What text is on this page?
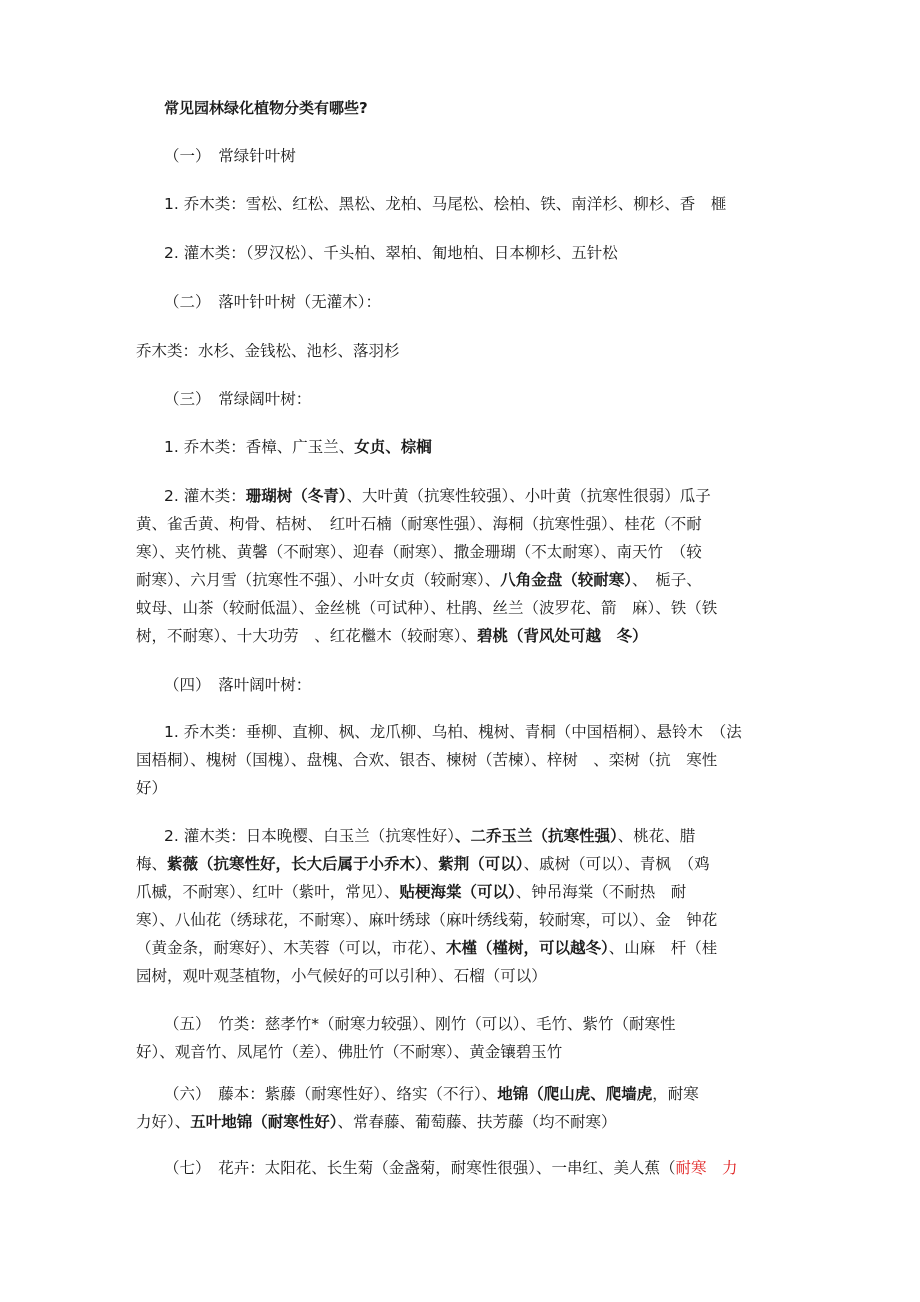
常见园林绿化植物分类有哪些?
（一）　常绿针叶树
1. 乔木类：雪松、红松、黑松、龙柏、马尾松、桧柏、铁、南洋杉、柳杉、香　榧
2. 灌木类：（罗汉松）、千头柏、翠柏、匍地柏、日本柳杉、五针松
（二）　落叶针叶树（无灌木）：
乔木类：水杉、金钱松、池杉、落羽杉
（三）　常绿阔叶树：
1. 乔木类：香樟、广玉兰、女贞、棕榈
2. 灌木类：珊瑚树（冬青）、大叶黄（抗寒性较强）、小叶黄（抗寒性很弱）瓜子
黄、雀舌黄、枸骨、桔树、　红叶石楠（耐寒性强）、海桐（抗寒性强）、桂花（不耐
寒）、夹竹桃、黄馨（不耐寒）、迎春（耐寒）、撒金珊瑚（不太耐寒）、南天竹　（较
耐寒）、六月雪（抗寒性不强）、小叶女贞（较耐寒）、八角金盘（较耐寒）、　栀子、
蚊母、山茶（较耐低温）、金丝桃（可试种）、杜鹃、丝兰（波罗花、箭　麻）、铁（铁
树，不耐寒）、十大功劳　、红花檵木（较耐寒）、碧桃（背风处可越　冬）
（四）　落叶阔叶树：
1. 乔木类：垂柳、直柳、枫、龙爪柳、乌柏、槐树、青桐（中国梧桐）、悬铃木　（法
国梧桐）、槐树（国槐）、盘槐、合欢、银杏、楝树（苦楝）、梓树　、栾树（抗　寒性
好）
2. 灌木类：日本晚樱、白玉兰（抗寒性好）、二乔玉兰（抗寒性强）、桃花、腊
梅、紫薇（抗寒性好，长大后属于小乔木）、紫荆（可以）、戚树（可以）、青枫　（鸡
爪槭，不耐寒）、红叶（紫叶，常见）、贴梗海棠（可以）、钟吊海棠（不耐热　耐
寒）、八仙花（绣球花，不耐寒）、麻叶绣球（麻叶绣线菊，较耐寒，可以）、金　钟花
（黄金条，耐寒好）、木芙蓉（可以，市花）、木槿（槿树，可以越冬）、山麻　杆（桂
园树，观叶观茎植物，小气候好的可以引种）、石榴（可以）
（五）　竹类：慈孝竹*（耐寒力较强）、刚竹（可以）、毛竹、紫竹（耐寒性
好）、观音竹、凤尾竹（差）、佛肚竹（不耐寒）、黄金镶碧玉竹
（六）　藤本：紫藤（耐寒性好）、络实（不行）、地锦（爬山虎、爬墙虎，耐寒
力好）、五叶地锦（耐寒性好）、常春藤、葡萄藤、扶芳藤（均不耐寒）
（七）　花卉：太阳花、长生菊（金盏菊，耐寒性很强）、一串红、美人蕉（耐寒　力
